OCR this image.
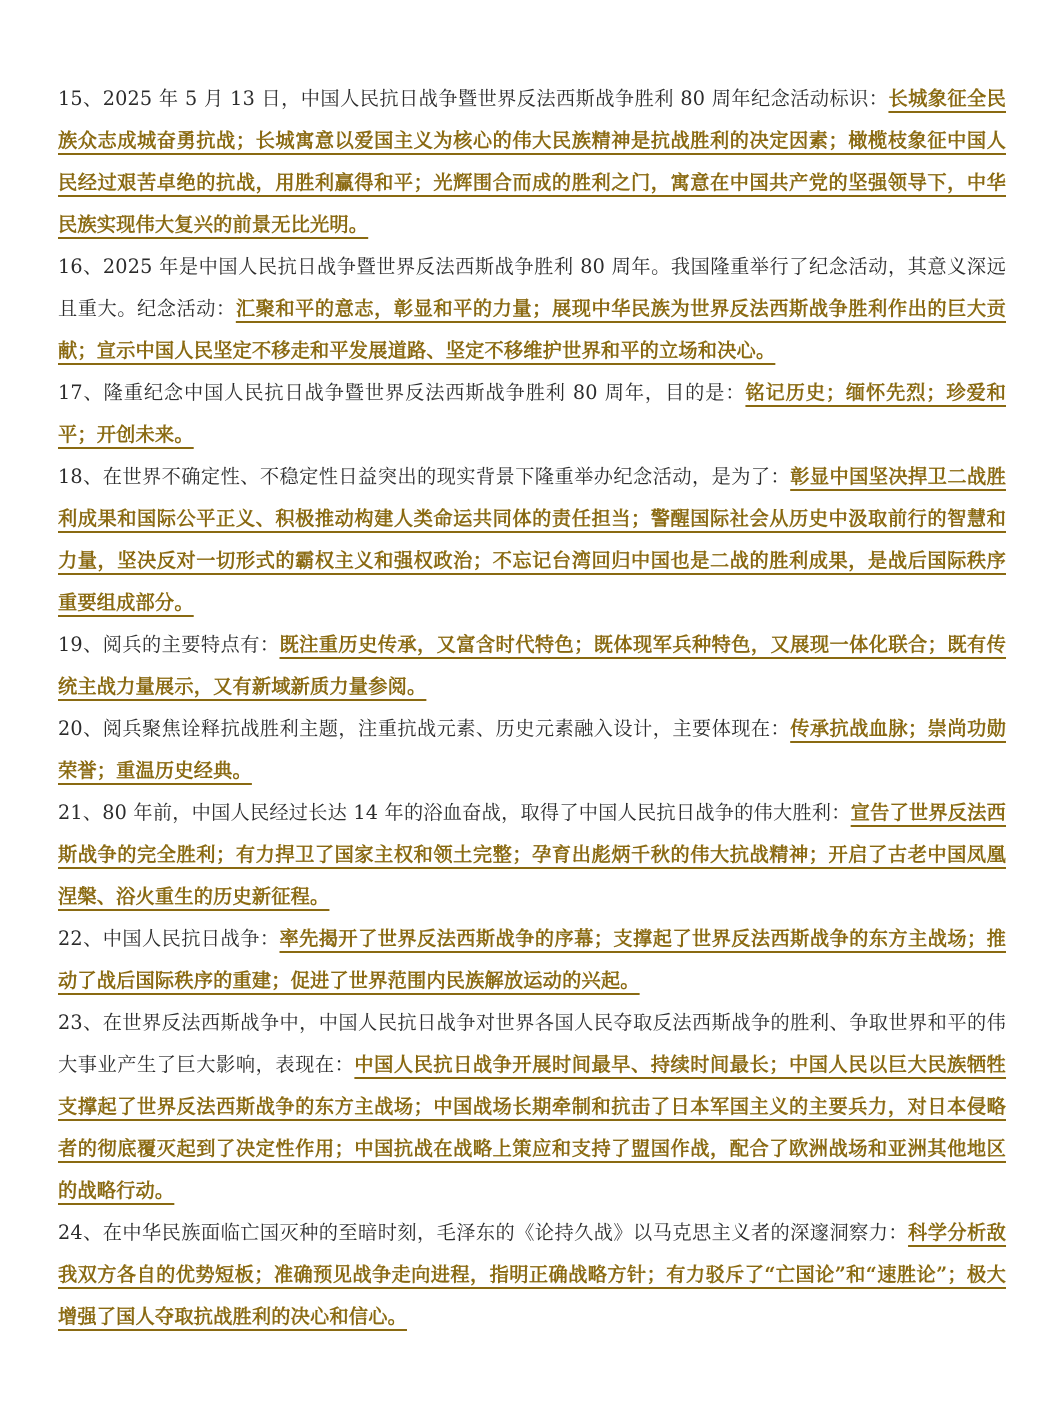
15、2025 年 5 月 13 日，中国人民抗日战争暨世界反法西斯战争胜利 80 周年纪念活动标识：长城象征全民族众志成城奋勇抗战；长城寓意以爱国主义为核心的伟大民族精神是抗战胜利的决定因素；橄榄枝象征中国人民经过艰苦卓绝的抗战，用胜利赢得和平；光辉围合而成的胜利之门，寓意在中国共产党的坚强领导下，中华民族实现伟大复兴的前景无比光明。

16、2025 年是中国人民抗日战争暨世界反法西斯战争胜利 80 周年。我国隆重举行了纪念活动，其意义深远且重大。纪念活动：汇聚和平的意志，彰显和平的力量；展现中华民族为世界反法西斯战争胜利作出的巨大贡献；宣示中国人民坚定不移走和平发展道路、坚定不移维护世界和平的立场和决心。

17、隆重纪念中国人民抗日战争暨世界反法西斯战争胜利 80 周年，目的是：铭记历史；缅怀先烈；珍爱和平；开创未来。

18、在世界不确定性、不稳定性日益突出的现实背景下隆重举办纪念活动，是为了：彰显中国坚决捍卫二战胜利成果和国际公平正义、积极推动构建人类命运共同体的责任担当；警醒国际社会从历史中汲取前行的智慧和力量，坚决反对一切形式的霸权主义和强权政治；不忘记台湾回归中国也是二战的胜利成果，是战后国际秩序重要组成部分。

19、阅兵的主要特点有：既注重历史传承，又富含时代特色；既体现军兵种特色，又展现一体化联合；既有传统主战力量展示，又有新域新质力量参阅。

20、阅兵聚焦诠释抗战胜利主题，注重抗战元素、历史元素融入设计，主要体现在：传承抗战血脉；崇尚功勋荣誉；重温历史经典。

21、80 年前，中国人民经过长达 14 年的浴血奋战，取得了中国人民抗日战争的伟大胜利：宣告了世界反法西斯战争的完全胜利；有力捍卫了国家主权和领土完整；孕育出彪炳千秋的伟大抗战精神；开启了古老中国凤凰涅槃、浴火重生的历史新征程。

22、中国人民抗日战争：率先揭开了世界反法西斯战争的序幕；支撑起了世界反法西斯战争的东方主战场；推动了战后国际秩序的重建；促进了世界范围内民族解放运动的兴起。

23、在世界反法西斯战争中，中国人民抗日战争对世界各国人民夺取反法西斯战争的胜利、争取世界和平的伟大事业产生了巨大影响，表现在：中国人民抗日战争开展时间最早、持续时间最长；中国人民以巨大民族牺牲支撑起了世界反法西斯战争的东方主战场；中国战场长期牵制和抗击了日本军国主义的主要兵力，对日本侵略者的彻底覆灭起到了决定性作用；中国抗战在战略上策应和支持了盟国作战，配合了欧洲战场和亚洲其他地区的战略行动。

24、在中华民族面临亡国灭种的至暗时刻，毛泽东的《论持久战》以马克思主义者的深邃洞察力：科学分析敌我双方各自的优势短板；准确预见战争走向进程，指明正确战略方针；有力驳斥了“亡国论”和“速胜论”；极大增强了国人夺取抗战胜利的决心和信心。
